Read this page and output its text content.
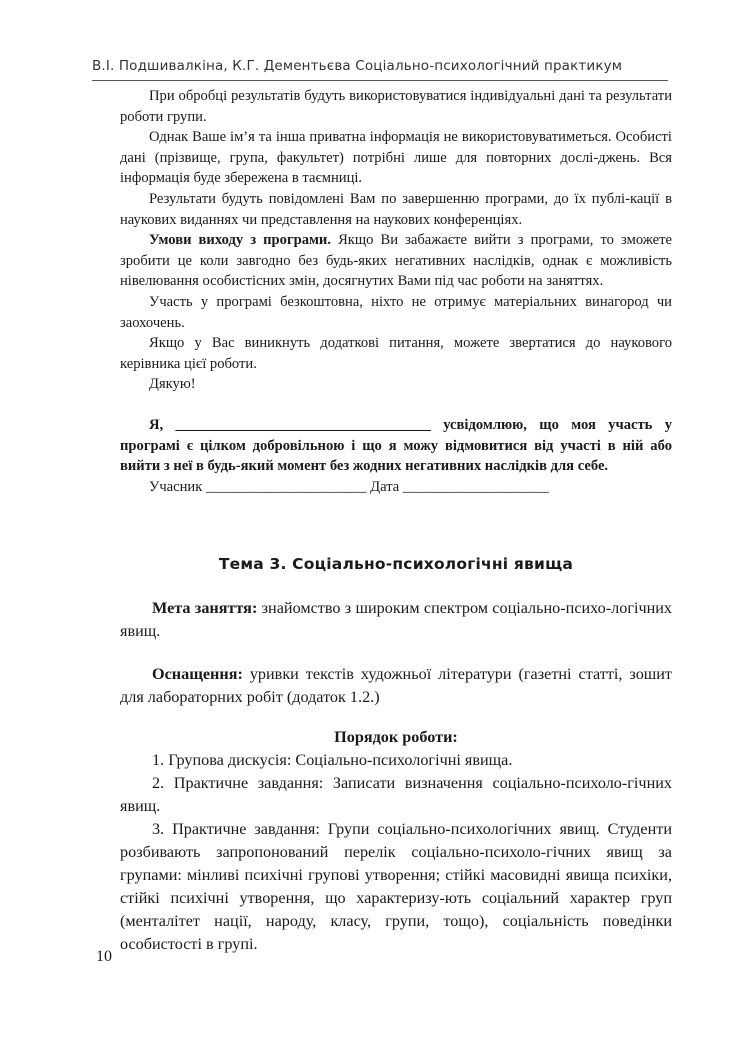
В.І. Подшивалкіна, К.Г. Дементьєва Соціально-психологічний практикум

При обробці результатів будуть використовуватися індивідуальні дані та результати роботи групи.

Однак Ваше ім’я та інша приватна інформація не використовуватиметься. Особисті дані (прізвище, група, факультет) потрібні лише для повторних дослі-джень. Вся інформація буде збережена в таємниці.

Результати будуть повідомлені Вам по завершенню програми, до їх публі-кації в наукових виданнях чи представлення на наукових конференціях.

Умови виходу з програми. Якщо Ви забажаєте вийти з програми, то зможете зробити це коли завгодно без будь-яких негативних наслідків, однак є можливість нівелювання особистісних змін, досягнутих Вами під час роботи на заняттях.

Участь у програмі безкоштовна, ніхто не отримує матеріальних винагород чи заохочень.

Якщо у Вас виникнуть додаткові питання, можете звертатися до наукового керівника цієї роботи.

Дякую!

Я, ___________________________________ усвідомлюю, що моя участь у програмі є цілком добровільною і що я можу відмовитися від участі в ній або вийти з неї в будь-який момент без жодних негативних наслідків для себе.

Учасник ______________________ Дата ____________________

Тема 3. Соціально-психологічні явища

Мета заняття: знайомство з широким спектром соціально-психо-логічних явищ.

Оснащення: уривки текстів художньої літератури (газетні статті, зошит для лабораторних робіт (додаток 1.2.)

Порядок роботи:

1. Групова дискусія: Соціально-психологічні явища.

2. Практичне завдання: Записати визначення соціально-психоло-гічних явищ.

3. Практичне завдання: Групи соціально-психологічних явищ. Студенти розбивають запропонований перелік соціально-психоло-гічних явищ за групами: мінливі психічні групові утворення; стійкі масовидні явища психіки, стійкі психічні утворення, що характеризу-ють соціальний характер груп (менталітет нації, народу, класу, групи, тощо), соціальність поведінки особистості в групі.

10
